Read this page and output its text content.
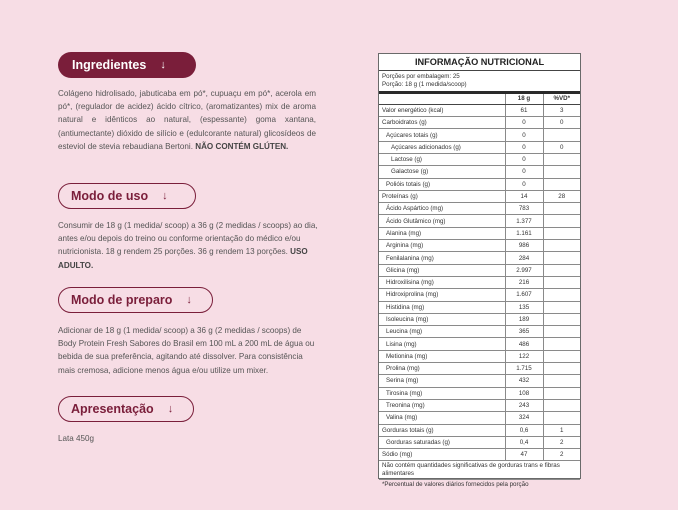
Ingredientes ↓

Colágeno hidrolisado, jabuticaba em pó*, cupuaçu em pó*, acerola em pó*, (regulador de acidez) ácido cítrico, (aromatizantes) mix de aroma natural e idênticos ao natural, (espessante) goma xantana, (antiumectante) dióxido de silício e (edulcorante natural) glicosídeos de esteviol de stevia rebaudiana Bertoni. NÃO CONTÉM GLÚTEN.

Modo de uso ↓

Consumir de 18 g (1 medida/ scoop) a 36 g (2 medidas / scoops) ao dia, antes e/ou depois do treino ou conforme orientação do médico e/ou nutricionista. 18 g rendem 25 porções. 36 g rendem 13 porções. USO ADULTO.

Modo de preparo ↓

Adicionar de 18 g (1 medida/ scoop) a 36 g (2 medidas / scoops) de Body Protein Fresh Sabores do Brasil em 100 mL a 200 mL de água ou bebida de sua preferência, agitando até dissolver. Para consistência mais cremosa, adicione menos água e/ou utilize um mixer.

Apresentação ↓

Lata 450g

INFORMAÇÃO NUTRICIONAL
Porções por embalagem: 25
Porção: 18 g (1 medida/scoop)
	18 g	%VD*
Valor energético (kcal)	61	3
Carboidratos (g)	0	0
Açúcares totais (g)	0	
Açúcares adicionados (g)	0	0
Lactose (g)	0	
Galactose (g)	0	
Polióis totais (g)	0	
Proteínas (g)	14	28
Ácido Aspártico (mg)	783	
Ácido Glutâmico (mg)	1.377	
Alanina (mg)	1.161	
Arginina (mg)	986	
Fenilalanina (mg)	284	
Glicina (mg)	2.997	
Hidroxilisina (mg)	216	
Hidroxiprolina (mg)	1.607	
Histidina (mg)	135	
Isoleucina (mg)	189	
Leucina (mg)	365	
Lisina (mg)	486	
Metionina (mg)	122	
Prolina (mg)	1.715	
Serina (mg)	432	
Tirosina (mg)	108	
Treonina (mg)	243	
Valina (mg)	324	
Gorduras totais (g)	0,6	1
Gorduras saturadas (g)	0,4	2
Sódio (mg)	47	2
Não contém quantidades significativas de gorduras trans e fibras alimentares
*Percentual de valores diários fornecidos pela porção
